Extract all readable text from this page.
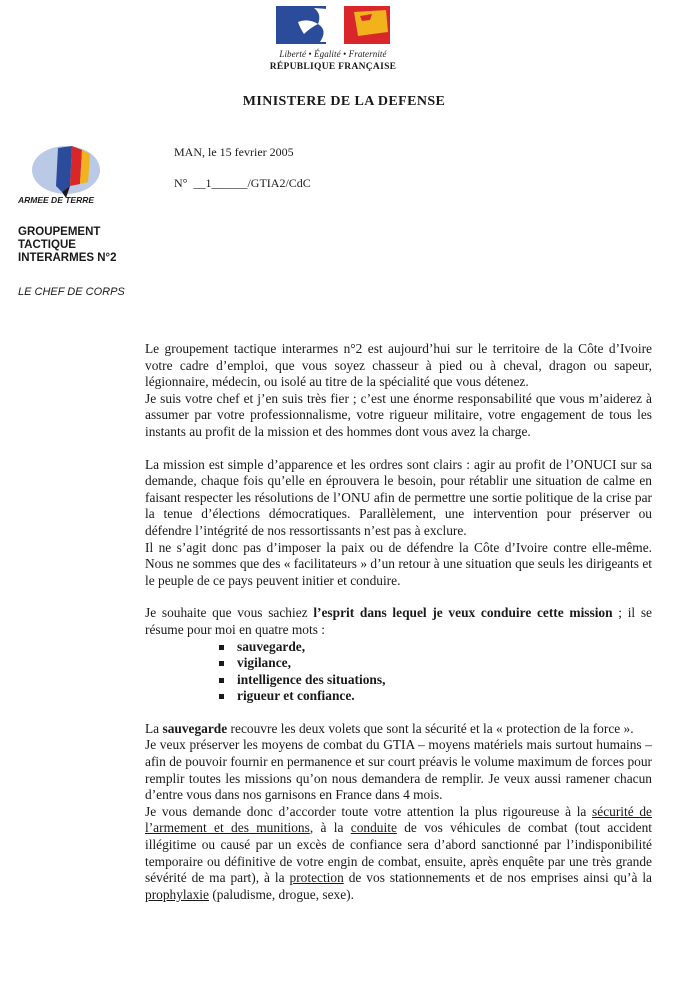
Liberté • Égalité • Fraternité
RÉPUBLIQUE FRANÇAISE
MINISTERE DE LA DEFENSE
MAN, le 15 fevrier 2005
N°  __1______/GTIA2/CdC
ARMEE DE TERRE
GROUPEMENT
TACTIQUE
INTERARMES N°2
LE CHEF DE CORPS

Le groupement tactique interarmes n°2 est aujourd’hui sur le territoire de la Côte d’Ivoire votre cadre d’emploi, que vous soyez chasseur à pied ou à cheval, dragon ou sapeur, légionnaire, médecin, ou isolé au titre de la spécialité que vous détenez.

Je suis votre chef et j’en suis très fier ; c’est une énorme responsabilité que vous m’aiderez à assumer par votre professionnalisme, votre rigueur militaire, votre engagement de tous les instants au profit de la mission et des hommes dont vous avez la charge.

La mission est simple d’apparence et les ordres sont clairs : agir au profit de l’ONUCI sur sa demande, chaque fois qu’elle en éprouvera le besoin, pour rétablir une situation de calme en faisant respecter les résolutions de l’ONU afin de permettre une sortie politique de la crise par la tenue d’élections démocratiques. Parallèlement, une intervention pour préserver ou défendre l’intégrité de nos ressortissants n’est pas à exclure.

Il ne s’agit donc pas d’imposer la paix ou de défendre la Côte d’Ivoire contre elle-même. Nous ne sommes que des « facilitateurs » d’un retour à une situation que seuls les dirigeants et le peuple de ce pays peuvent initier et conduire.

Je souhaite que vous sachiez l’esprit dans lequel je veux conduire cette mission ; il se résume pour moi en quatre mots :

sauvegarde,
vigilance,
intelligence des situations,
rigueur et confiance.

La sauvegarde recouvre les deux volets que sont la sécurité et la « protection de la force ».

Je veux préserver les moyens de combat du GTIA – moyens matériels mais surtout humains – afin de pouvoir fournir en permanence et sur court préavis le volume maximum de forces pour remplir toutes les missions qu’on nous demandera de remplir. Je veux aussi ramener chacun d’entre vous dans nos garnisons en France dans 4 mois.

Je vous demande donc d’accorder toute votre attention la plus rigoureuse à la sécurité de l’armement et des munitions, à la conduite de vos véhicules de combat (tout accident illégitime ou causé par un excès de confiance sera d’abord sanctionné par l’indisponibilité temporaire ou définitive de votre engin de combat, ensuite, après enquête par une très grande sévérité de ma part), à la protection de vos stationnements et de nos emprises ainsi qu’à la prophylaxie (paludisme, drogue, sexe).
